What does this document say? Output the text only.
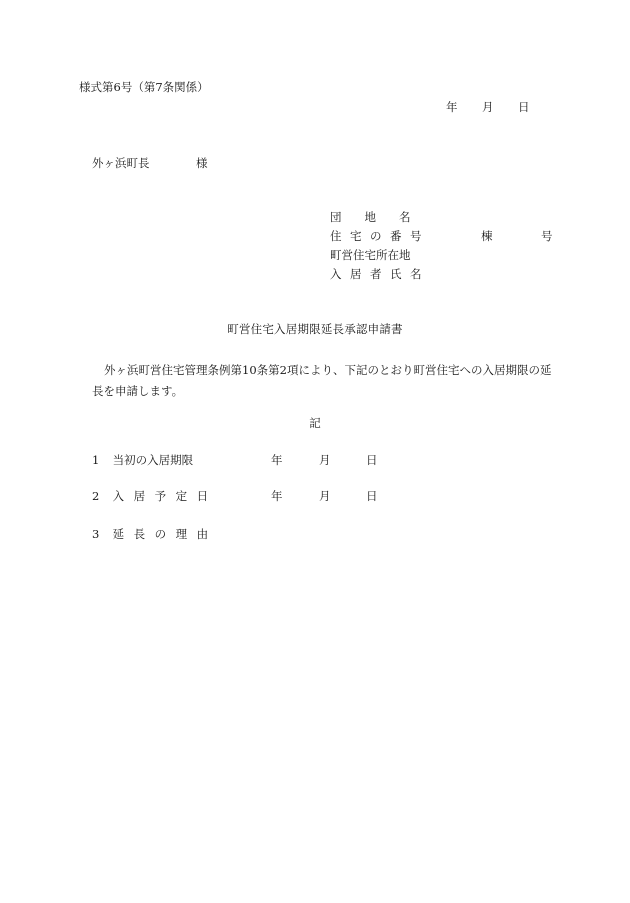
様式第6号（第7条関係）
年 月 日
外ヶ浜町長	様
団地名
住宅の番号	棟	号
町営住宅所在地
入居者氏名
町営住宅入居期限延長承認申請書
外ヶ浜町営住宅管理条例第10条第2項により、下記のとおり町営住宅への入居期限の延長を申請します。
記
1 当初の入居期限	年	月	日
2 入居予定日	年	月	日
3 延長の理由
